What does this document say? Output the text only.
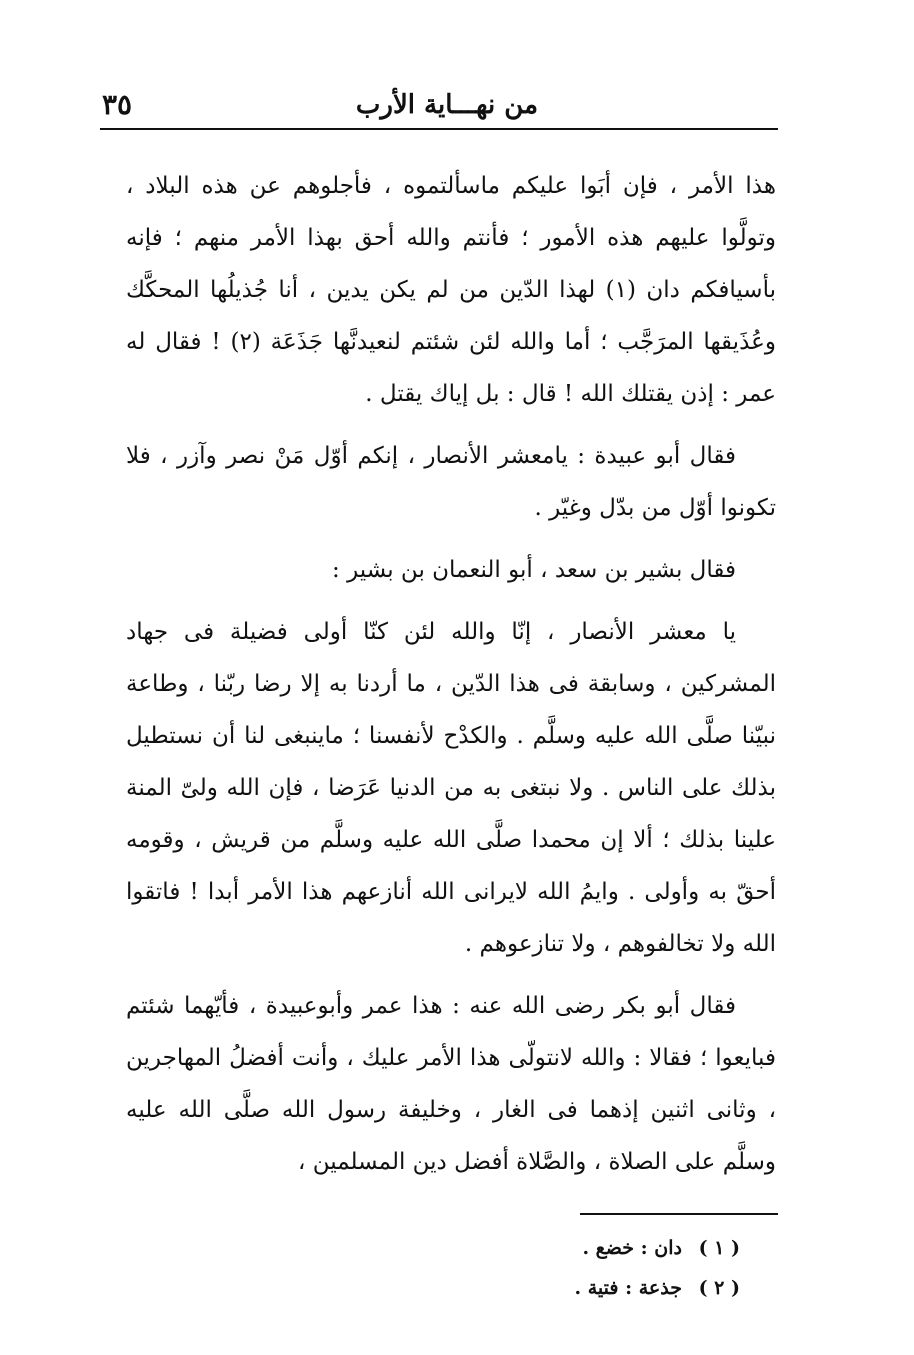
من نهـــاية الأرب
٣٥

هذا الأمر ، فإن أبَوا عليكم ماسألتموه ، فأجلوهم عن هذه البلاد ، وتولَّوا عليهم هذه الأمور ؛ فأنتم والله أحق بهذا الأمر منهم ؛ فإنه بأسيافكم دان (١) لهذا الدّين من لم يكن يدين ، أنا جُذيلُها المحكَّك وعُذَيقها المرَجَّب ؛ أما والله لئن شئتم لنعيدنَّها جَذَعَة (٢) ! فقال له عمر : إذن يقتلك الله ! قال : بل إياك يقتل .

فقال أبو عبيدة : يامعشر الأنصار ، إنكم أوّل مَنْ نصر وآزر ، فلا تكونوا أوّل من بدّل وغيّر .

فقال بشير بن سعد ، أبو النعمان بن بشير :

يا معشر الأنصار ، إنّا والله لئن كنّا أولى فضيلة فى جهاد المشركين ، وسابقة فى هذا الدّين ، ما أردنا به إلا رضا ربّنا ، وطاعة نبيّنا صلَّى الله عليه وسلَّم . والكدْح لأنفسنا ؛ ماينبغى لنا أن نستطيل بذلك على الناس . ولا نبتغى به من الدنيا عَرَضا ، فإن الله ولىّ المنة علينا بذلك ؛ ألا إن محمدا صلَّى الله عليه وسلَّم من قريش ، وقومه أحقّ به وأولى . وايمُ الله لايرانى الله أنازعهم هذا الأمر أبدا ! فاتقوا الله ولا تخالفوهم ، ولا تنازعوهم .

فقال أبو بكر رضى الله عنه : هذا عمر وأبوعبيدة ، فأيّهما شئتم فبايعوا ؛ فقالا : والله لانتولّى هذا الأمر عليك ، وأنت أفضلُ المهاجرين ، وثانى اثنين إذهما فى الغار ، وخليفة رسول الله صلَّى الله عليه وسلَّم على الصلاة ، والصَّلاة أفضل دين المسلمين ،

( ١ ) دان : خضع .
( ٢ ) جذعة : فتية .
